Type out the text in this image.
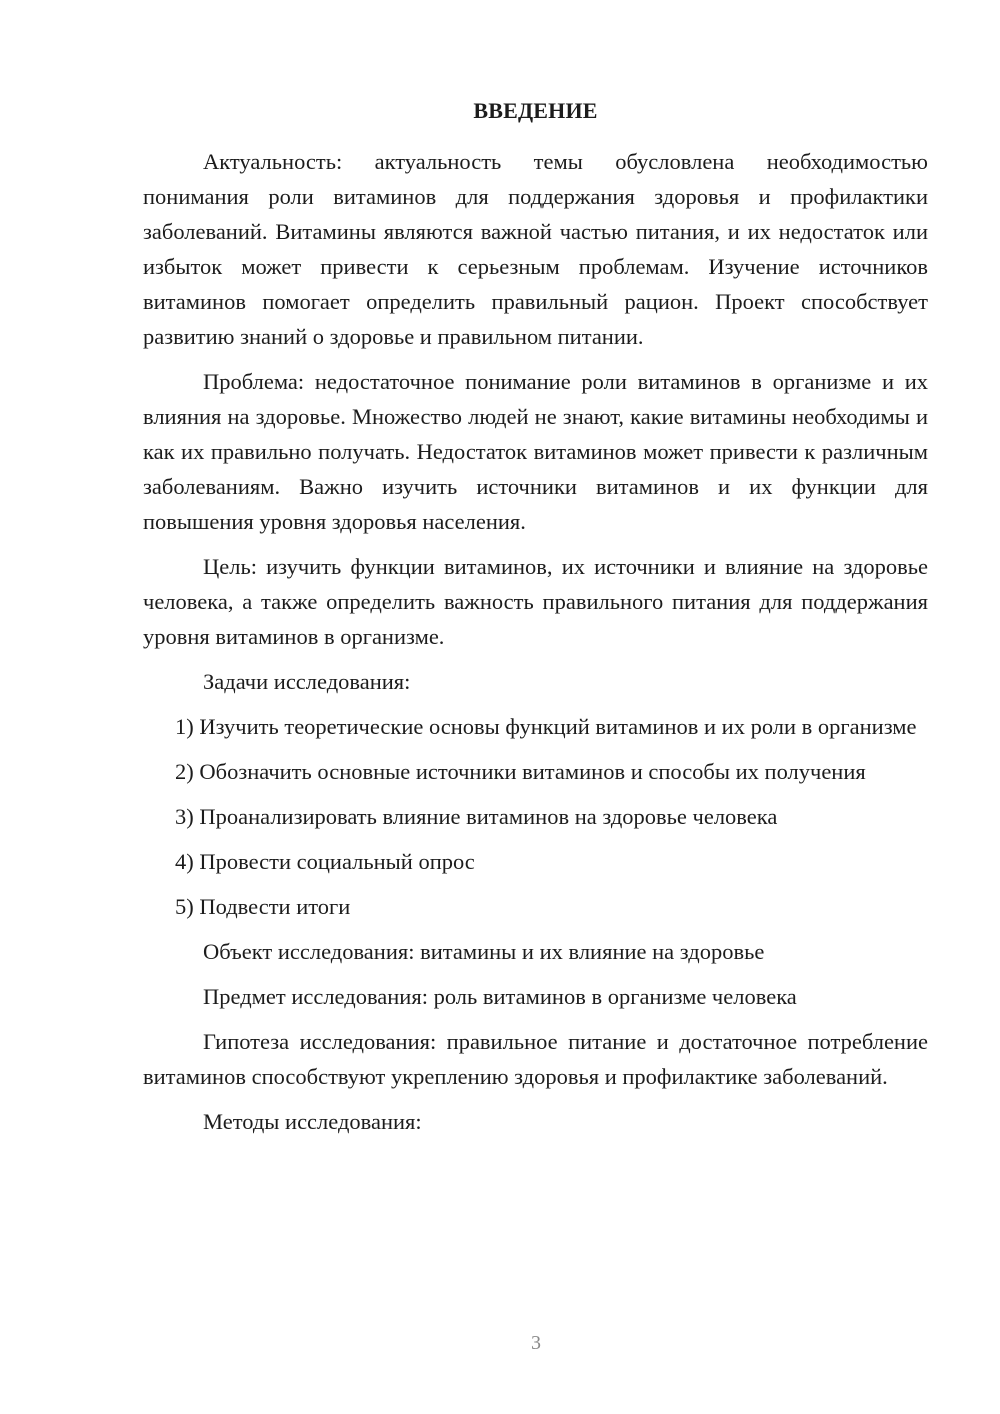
ВВЕДЕНИЕ

Актуальность: актуальность темы обусловлена необходимостью понимания роли витаминов для поддержания здоровья и профилактики заболеваний. Витамины являются важной частью питания, и их недостаток или избыток может привести к серьезным проблемам. Изучение источников витаминов помогает определить правильный рацион. Проект способствует развитию знаний о здоровье и правильном питании.

Проблема: недостаточное понимание роли витаминов в организме и их влияния на здоровье. Множество людей не знают, какие витамины необходимы и как их правильно получать. Недостаток витаминов может привести к различным заболеваниям. Важно изучить источники витаминов и их функции для повышения уровня здоровья населения.

Цель: изучить функции витаминов, их источники и влияние на здоровье человека, а также определить важность правильного питания для поддержания уровня витаминов в организме.

Задачи исследования:

1) Изучить теоретические основы функций витаминов и их роли в организме

2) Обозначить основные источники витаминов и способы их получения

3) Проанализировать влияние витаминов на здоровье человека

4) Провести социальный опрос

5) Подвести итоги

Объект исследования: витамины и их влияние на здоровье

Предмет исследования: роль витаминов в организме человека

Гипотеза исследования: правильное питание и достаточное потребление витаминов способствуют укреплению здоровья и профилактике заболеваний.

Методы исследования:

3
